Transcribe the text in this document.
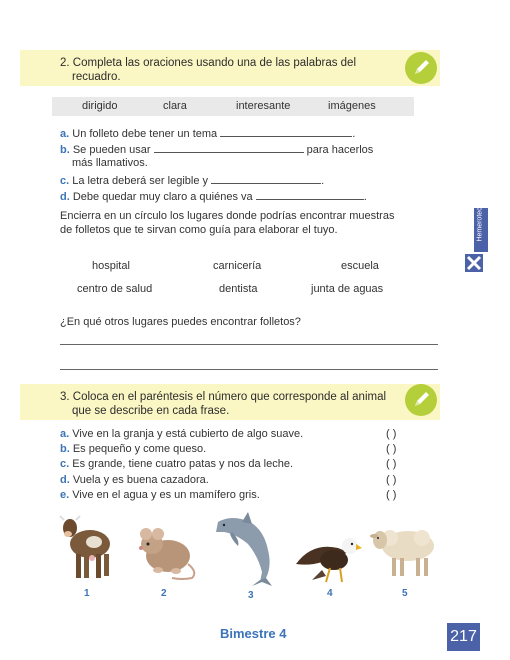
2. Completa las oraciones usando una de las palabras del
recuadro.
dirigido	clara	interesante	imágenes
a. Un folleto debe tener un tema	.
b. Se pueden usar	para hacerlos
más llamativos.
c. La letra deberá ser legible y	.
d. Debe quedar muy claro a quiénes va	.
Encierra en un círculo los lugares donde podrías encontrar muestras
de folletos que te sirvan como guía para elaborar el tuyo.
hospital	carnicería	escuela
centro de salud	dentista	junta de aguas
¿En qué otros lugares puedes encontrar folletos?
Hemeroteca
3. Coloca en el paréntesis el número que corresponde al animal
que se describe en cada frase.
a. Vive en la granja y está cubierto de algo suave.	( )
b. Es pequeño y come queso.	( )
c. Es grande, tiene cuatro patas y nos da leche.	( )
d. Vuela y es buena cazadora.	( )
e. Vive en el agua y es un mamífero gris.	( )
1	2	3	4	5
Bimestre 4	217
